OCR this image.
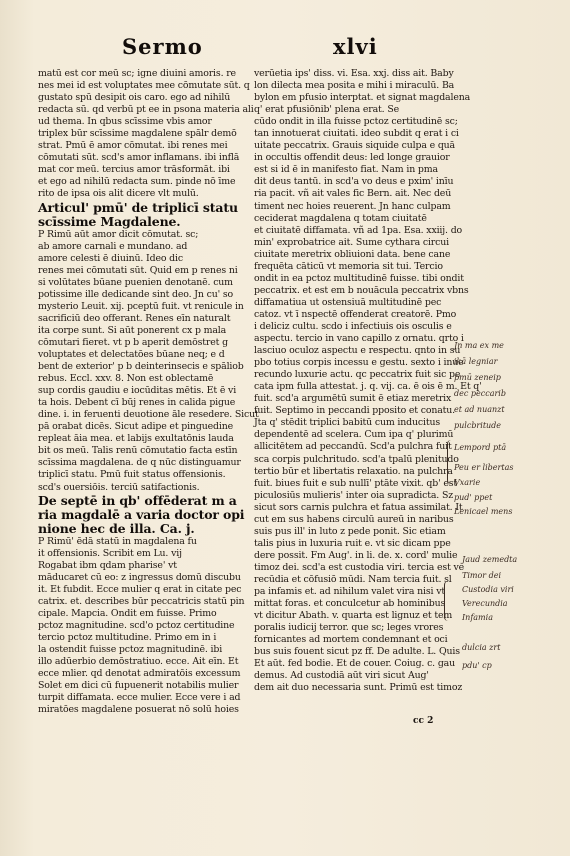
Sermo	xlvi
matū est cor meū sc; igne diuini amoris. re
nes mei id est voluptates mee cōmutate sūt. q
gustato spū desipit ois caro. ego ad nihilū
redacta sū. qd verbū pt ee in psona materia ali
ud thema. In qbus scīssime vbis amor
triplex būr scīssime magdalene spālr demō
strat. Pmū ē amor cōmutat. ibi renes mei
cōmutati sūt. scd's amor inflamans. ibi inflā
mat cor meū. tercius amor trāsformāt. ibi
et ego ad nihilū redacta sum. pinde nō īme
rito de ipsa ois alit dicere vlt mulū.
Articul' pmū' de triplicī statu
scīssime Magdalene.
P Rimū aūt amor dicit cōmutat. sc;
ab amore carnali e mundano. ad
amore celesti ē diuinū. Ideo dic
renes mei cōmutati sūt. Quid em p renes ni
si volūtates būane puenien denotanē. cum
potissime ille dedicande sint deo. Jn cu' so
mysterio Leuit. xij. pceptū fuit. vt renicule in
sacrificiū deo offerant. Renes eīn naturalt
ita corpe sunt. Si aūt ponerent cx p mala
cōmutari fieret. vt p b aperit demōstret g
voluptates et delectatōes būane neq; e d
bent de exterior' p b deinterinsecis e spāliob
rebus. Eccl. xxv. 8. Non est oblectamē
sup cordis gaudiu e iocūditas mētis. Et ē vi
ta hois. Debent cī būj renes in calida pigue
dine. i. in feruenti deuotione āle resedere. Sicut
pā orabat dicēs. Sicut adipe et pinguedine
repleat āia mea. et labijs exultatōnis lauda
bit os meū. Talis renū cōmutatio facta estīn
scīssima magdalena. de q nūc distinguamur
triplicī statu. Pmū fuit status offensionis.
scd's ouersiōis. terciū satifactionis.
De septē in qb' offēderat m a
ria magdalē a varia doctor opi
nione hec de illa. Ca. j.
P Rimū' ēdā statū in magdalena fu
it offensionis. Scribit em Lu. vij
Rogabat ibm qdam pharise' vt
māducaret cū eo: z ingressus domū discubu
it. Et fubdit. Ecce mulier q erat in citate pec
catrix. et. describes būr peccatricis statū pin
cipale. Mapcia. Ondit em fuisse. Primo
pctoz magnitudine. scd'o pctoz certitudine
tercio pctoz multitudine. Primo em in i
la ostendit fuisse pctoz magnitudinē. ibi
illo adūerbio demōstratiuo. ecce. Ait eīn. Et
ecce mlier. qd denotat admiratōis excessum
Solet em dici cū fupuenerit notabilis mulier
turpit diffamata. ecce mulier. Ecce vere i ad
miratōes magdalene posuerat nō solū hoies
verūetia ips' diss. vi. Esa. xxj. diss ait. Baby
lon dilecta mea posita e mihi i miraculū. Ba
bylon em pfusio interptat. et signat magdalena
q' erat pfusiōnib' plena erat. Se
cūdo ondit in illa fuisse pctoz certitudinē sc;
tan innotuerat ciuitati. ideo subdit q erat i ci
uitate peccatrix. Grauis siquide culpa e quā
in occultis offendit deus: led longe grauior
est si id ē in manifesto fiat. Nam in pma
dit deus tantū. in scd'a vo deus e pxim' inīu
ria pacit. vñ ait vales fic Bern. ait. Nec deū
timent nec hoies reuerent. Jn hanc culpam
ceciderat magdalena q totam ciuitatē
et ciuitatē diffamata. vñ ad 1pa. Esa. xxiij. do
min' exprobatrice ait. Sume cythara circui
ciuitate meretrix obliuioni data. bene cane
frequēta cāticū vt memoria sit tui. Tercio
ondit in ea pctoz multitudinē fuisse. tibi ondit
peccatrix. et est em b nouācula peccatrix vbns
diffamatiua ut ostensiuā multitudinē pec
catoz. vt ī nspectē offenderat creatorē. Pmo
i deliciz cultu. scdo i infectiuis ois osculis e
aspectu. tercio in vano capillo z ornatu. qrto i
lasciuo oculoz aspectu e respectu. qnto in su
pbo totius corpis incessu e gestu. sexto i inue
recundo luxurie actu. qc peccatrix fuit sic pe
cata ipm fulla attestat. j. q. vij. ca. ē ois ē m. Et q'
fuit. scd'a argumētū sumit ē etiaz meretrix
fuit. Septimo in peccandi pposito et conatu.
Jta q' stēdit triplici babitū cum inducitus
dependentē ad scelera. Cum ipa q' plurimū
allicitētem ad peccandū. Scd'a pulchra fuit
sca corpis pulchritudo. scd'a tpalū plenitudo
tertio būr et libertatis relaxatio. na pulchra
fuit. biues fuit e sub nullī' ptāte vixit. qb' est
piculosiūs mulieris' inter oia supradicta. Sz
sicut sors carnis pulchra et fatua assimilat. It
cut em sus habens circulū aureū in naribus
suis pus ill' in luto z pede ponit. Sic etiam
talis pius in luxuria ruit e. vt sic dicam ppe
dere possit. Fm Aug'. in li. de. x. cord' mulie
timoz dei. scd'a est custodia viri. tercia est ve
recūdia et cōfusiō mūdi. Nam tercia fuit. sl
pa infamis et. ad nihilum valet vira nisi vt
mittat foras. et conculcetur ab hominibus
vt dicitur Abath. v. quarta est lignuz et tem
poralis iudicij terror. que sc; leges vrores
fornicantes ad mortem condemnant et oci
bus suis fouent sicut pz ff. De adulte. L. Quis
Et aūt. fed bodie. Et de couer. Coiug. c. gau
demus. Ad custodiā aūt viri sicut Aug'
dem ait duo necessaria sunt. Primū est timoz
cc 2
Jn ma ex me
ikā legniar
pmū zeneip
dec peccarib
et ad nuanzt
pulcbritude
Lempord ptā
Peu er libertas
Vxarie
pud' ppet
Lenicael mens
Jaud zemedta
Timor dei
Custodia viri
Verecundia
Infamia
dulcia zrt
pdu' cp
